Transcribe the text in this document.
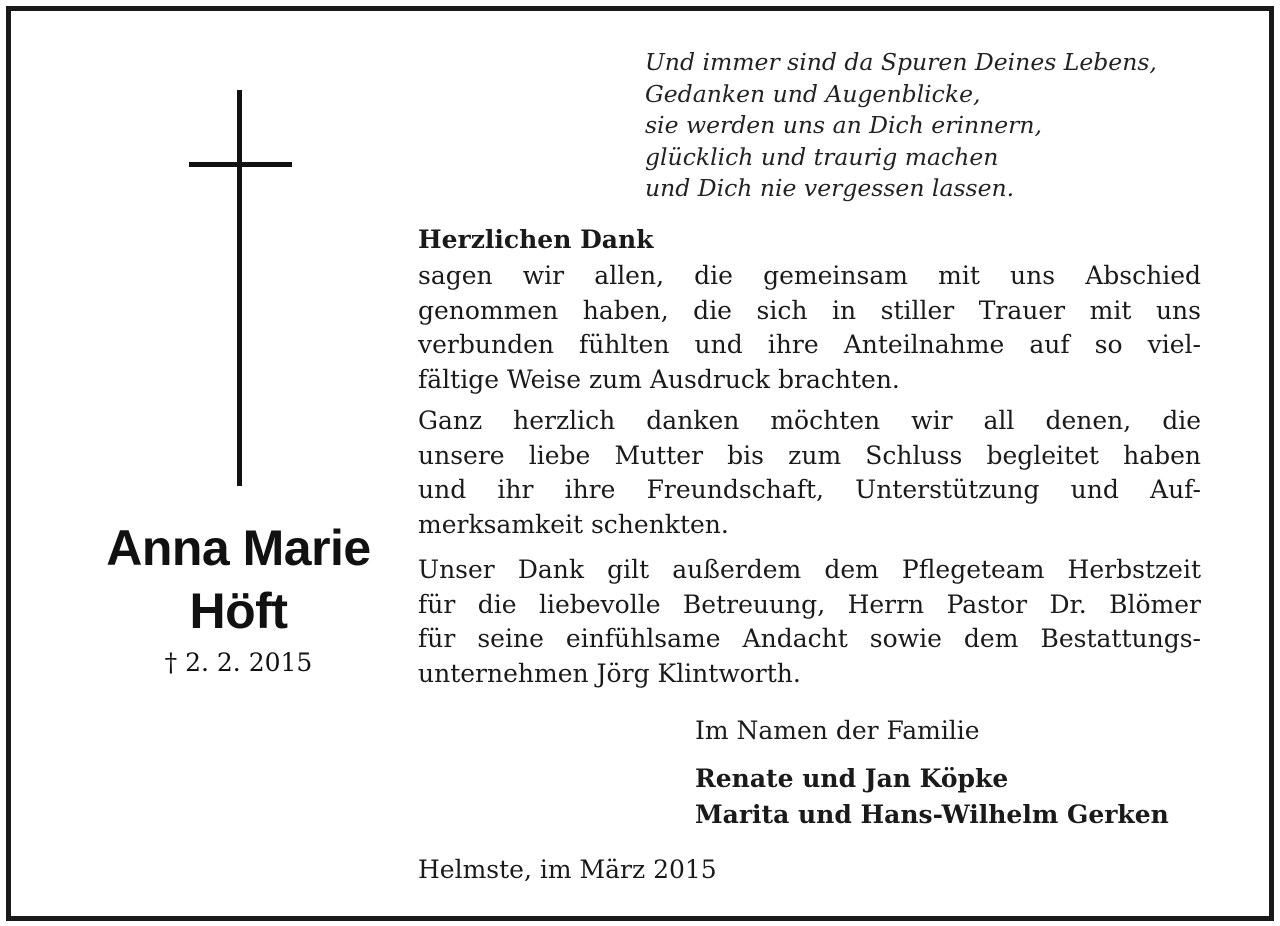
Anna Marie
Höft
† 2. 2. 2015
Und immer sind da Spuren Deines Lebens,
Gedanken und Augenblicke,
sie werden uns an Dich erinnern,
glücklich und traurig machen
und Dich nie vergessen lassen.
Herzlichen Dank
sagen wir allen, die gemeinsam mit uns Abschied
genommen haben, die sich in stiller Trauer mit uns
verbunden fühlten und ihre Anteilnahme auf so viel-
fältige Weise zum Ausdruck brachten.
Ganz herzlich danken möchten wir all denen, die
unsere liebe Mutter bis zum Schluss begleitet haben
und ihr ihre Freundschaft, Unterstützung und Auf-
merksamkeit schenkten.
Unser Dank gilt außerdem dem Pflegeteam Herbstzeit
für die liebevolle Betreuung, Herrn Pastor Dr. Blömer
für seine einfühlsame Andacht sowie dem Bestattungs-
unternehmen Jörg Klintworth.
Im Namen der Familie
Renate und Jan Köpke
Marita und Hans-Wilhelm Gerken
Helmste, im März 2015
